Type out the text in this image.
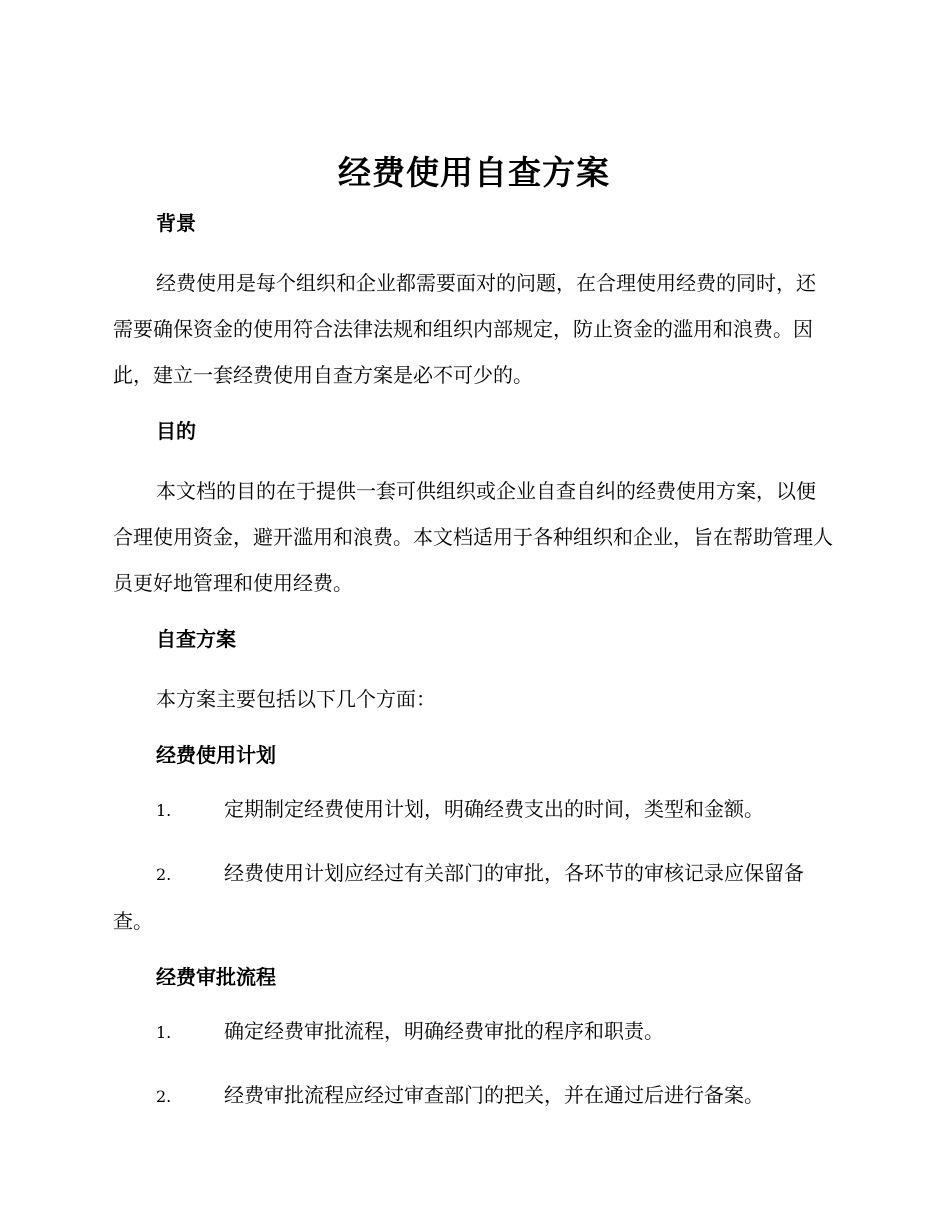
经费使用自查方案
背景

经费使用是每个组织和企业都需要面对的问题，在合理使用经费的同时，还需要确保资金的使用符合法律法规和组织内部规定，防止资金的滥用和浪费。因此，建立一套经费使用自查方案是必不可少的。

目的

本文档的目的在于提供一套可供组织或企业自查自纠的经费使用方案，以便合理使用资金，避开滥用和浪费。本文档适用于各种组织和企业，旨在帮助管理人员更好地管理和使用经费。

自查方案

本方案主要包括以下几个方面：

经费使用计划

1.	定期制定经费使用计划，明确经费支出的时间，类型和金额。

2.	经费使用计划应经过有关部门的审批，各环节的审核记录应保留备查。

经费审批流程

1.	确定经费审批流程，明确经费审批的程序和职责。

2.	经费审批流程应经过审查部门的把关，并在通过后进行备案。
